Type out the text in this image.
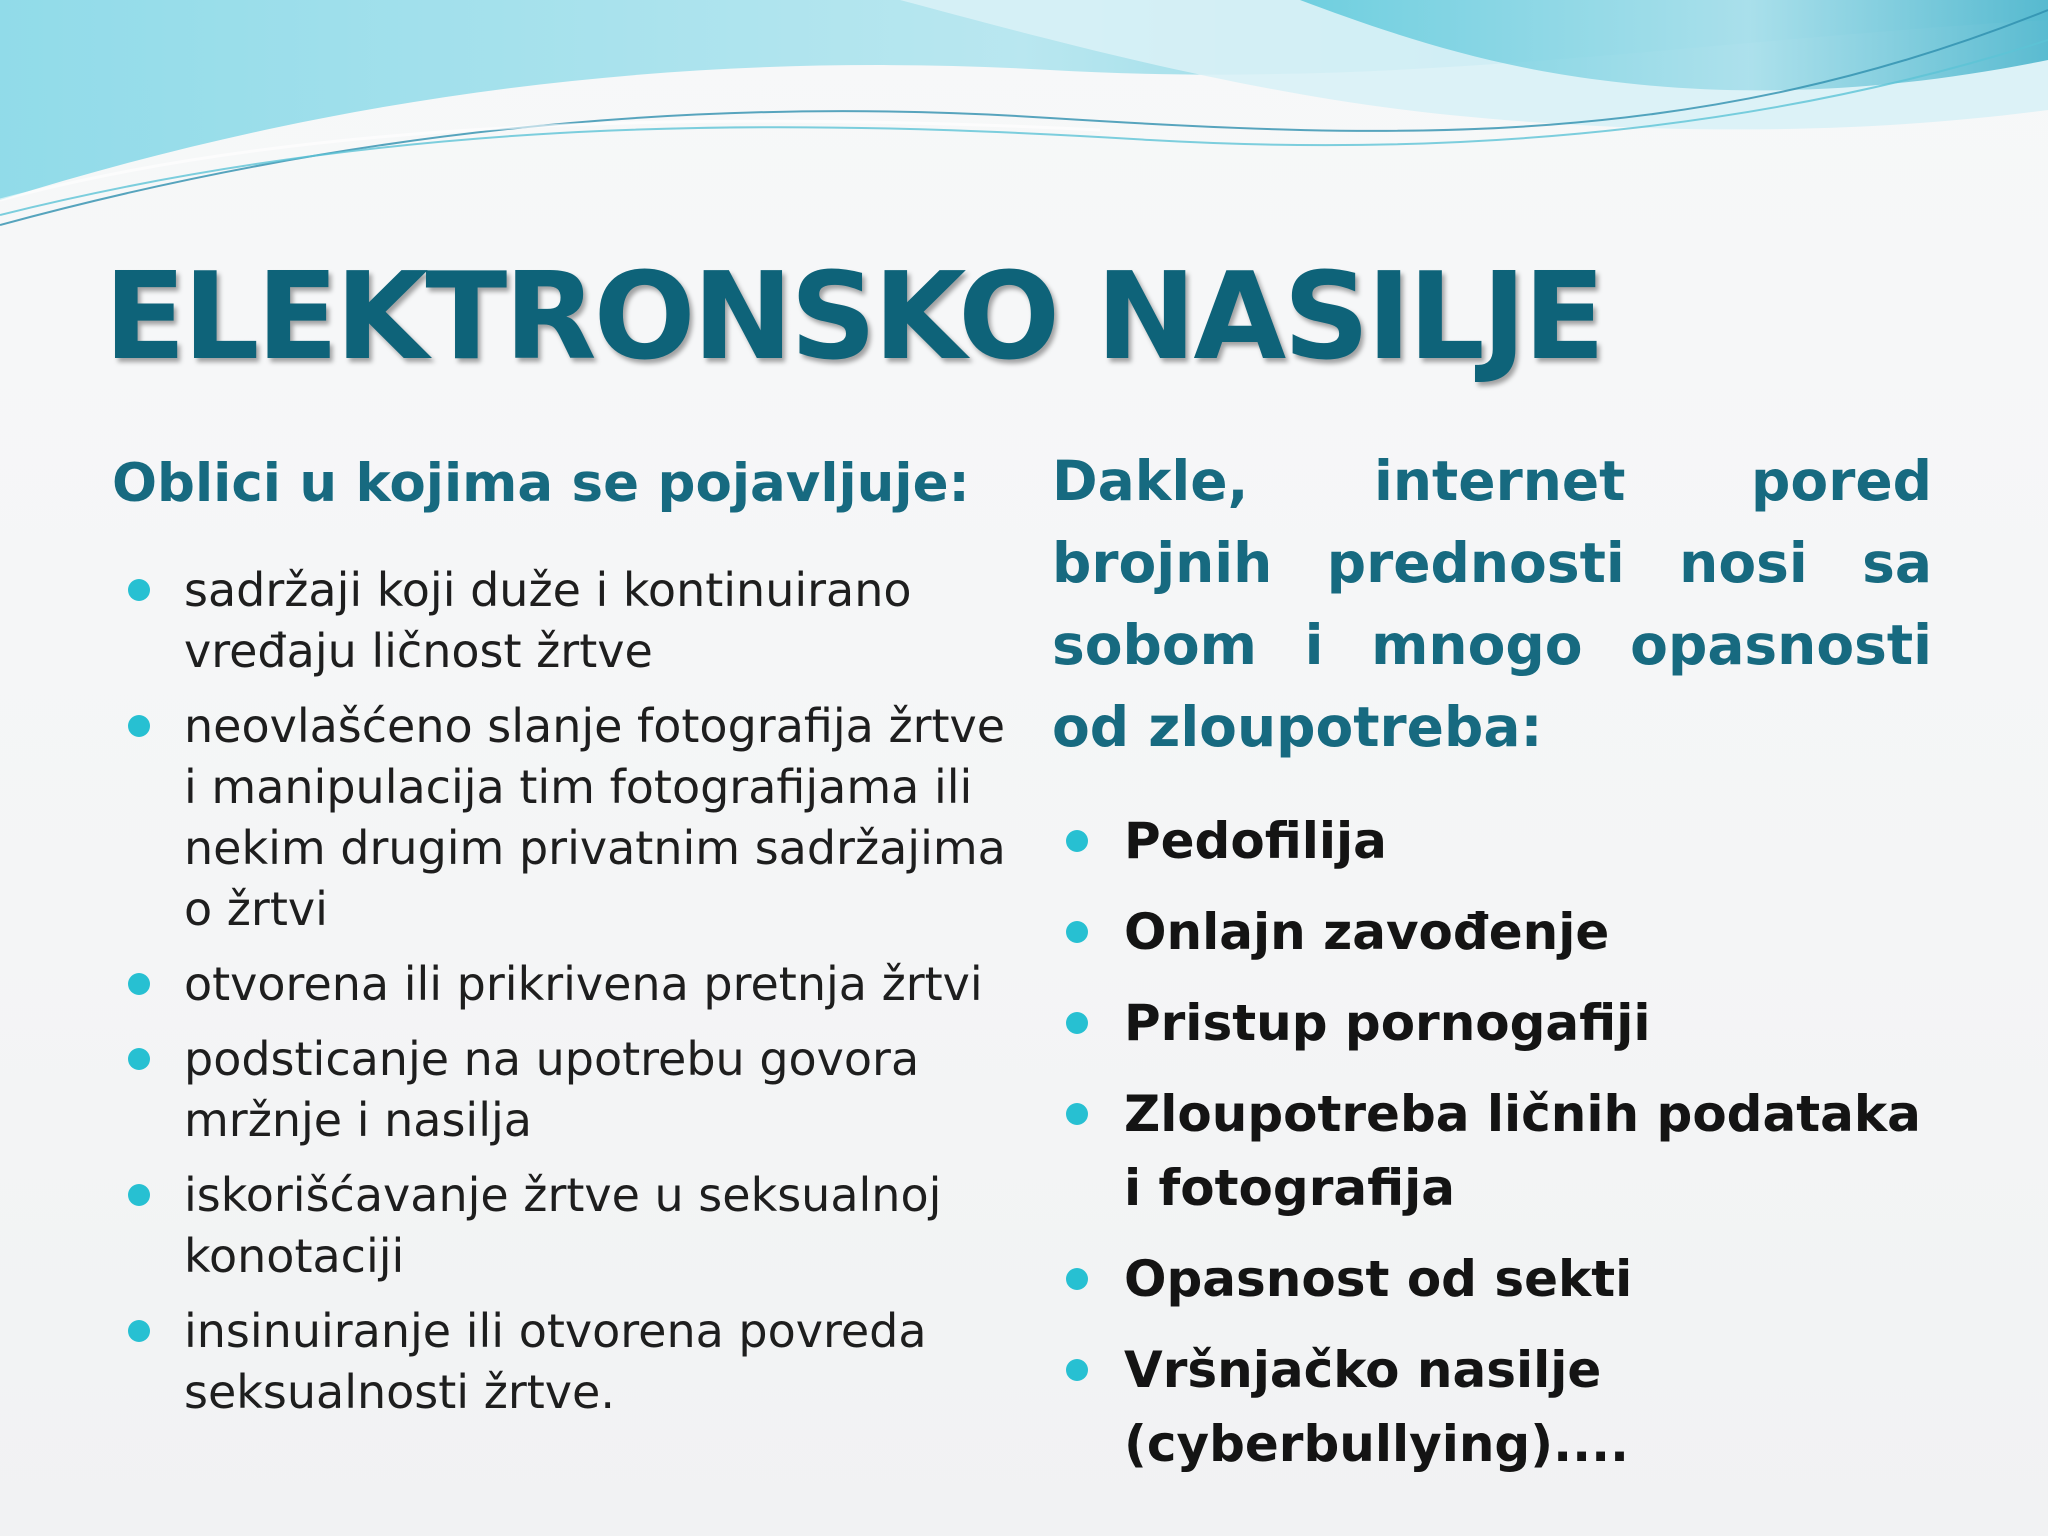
ELEKTRONSKO NASILJE

Oblici u kojima se pojavljuje:

sadržaji koji duže i kontinuirano vređaju ličnost žrtve
neovlašćeno slanje fotografija žrtve i manipulacija tim fotografijama ili nekim drugim privatnim sadržajima o žrtvi
otvorena ili prikrivena pretnja žrtvi
podsticanje na upotrebu govora mržnje i nasilja
iskorišćavanje žrtve u seksualnoj konotaciji
insinuiranje ili otvorena povreda seksualnosti žrtve.

Dakle, internet pored brojnih prednosti nosi sa sobom i mnogo opasnosti od zloupotreba:

Pedofilija
Onlajn zavođenje
Pristup pornogafiji
Zloupotreba ličnih podataka i fotografija
Opasnost od sekti
Vršnjačko nasilje (cyberbullying)....
